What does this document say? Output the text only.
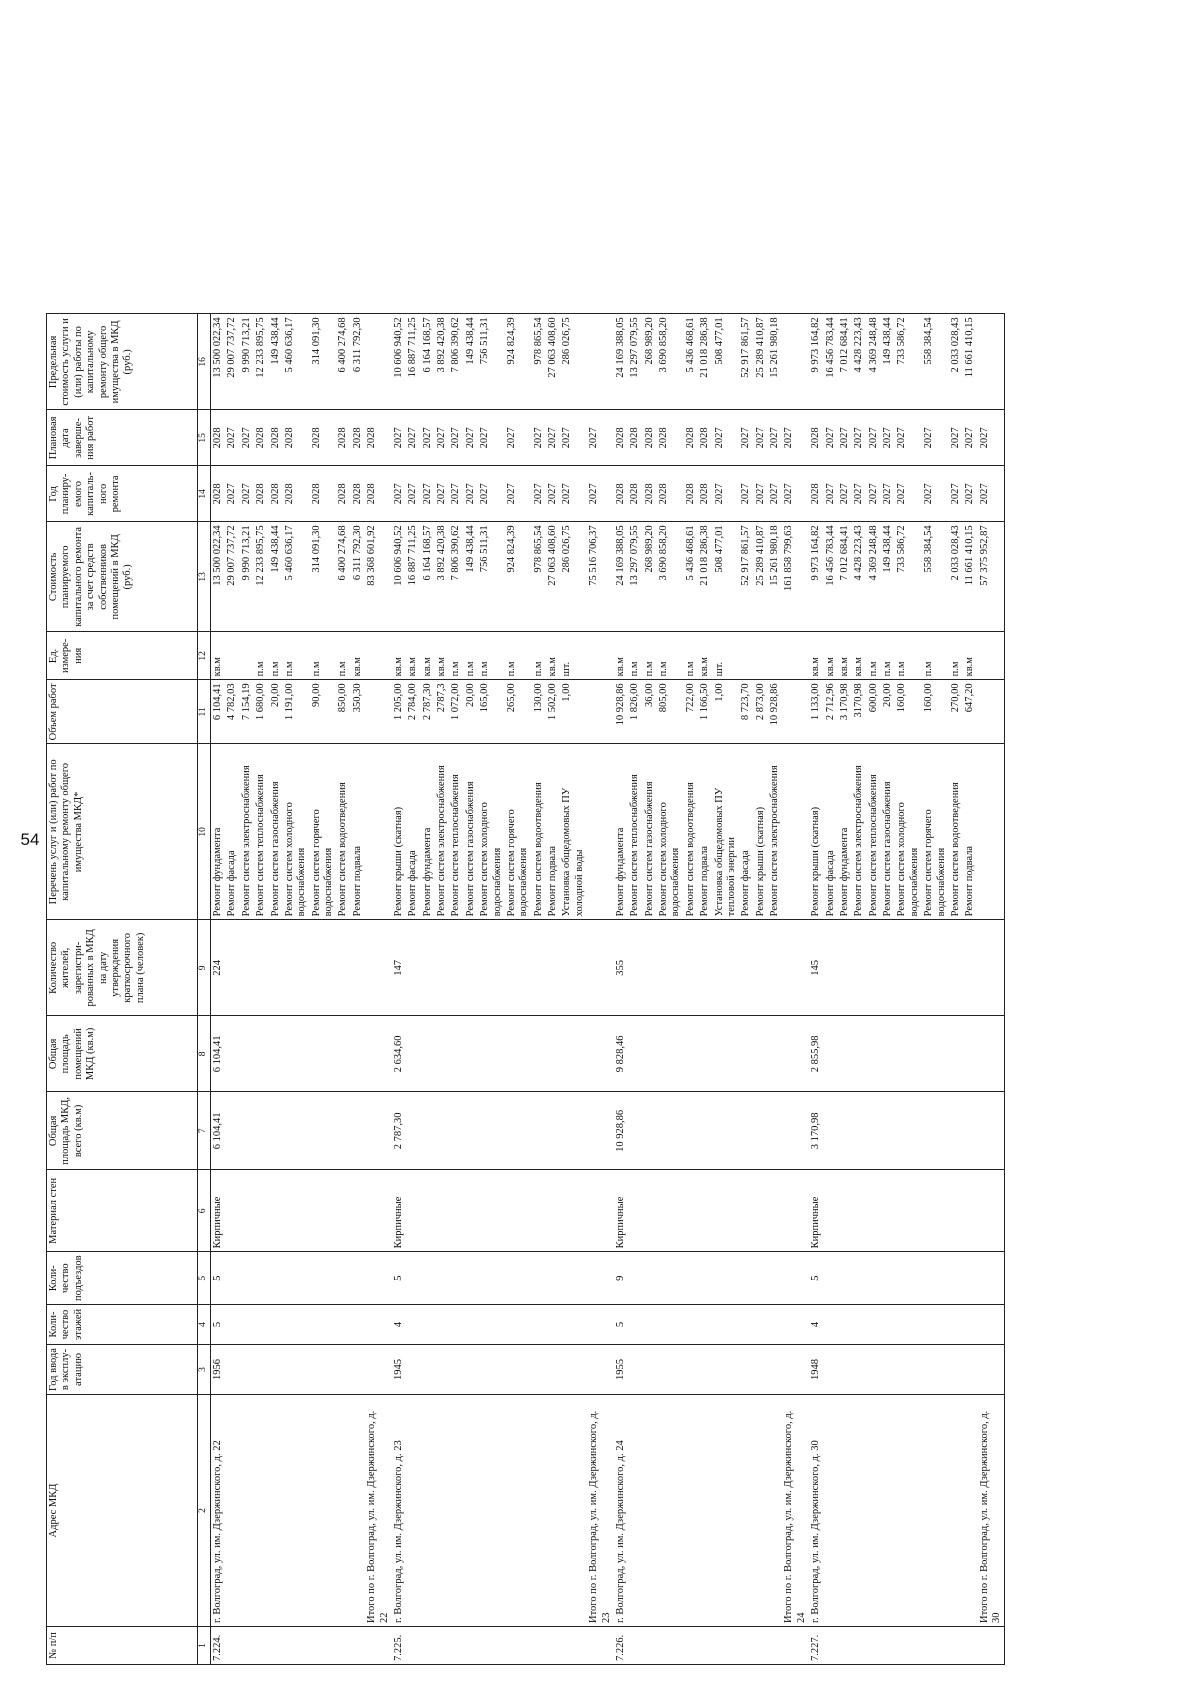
54
№ п/п	Адрес МКД	Год ввода в эксплу-атацию	Коли-чество этажей	Коли-чество подъездов	Материал стен	Общая площадь МКД, всего (кв.м)	Общая площадь помещений МКД (кв.м)	Количество жителей, зарегистри-рованных в МКД на дату утверждения краткосрочного плана (человек)	Перечень услуг и (или) работ по капитальному ремонту общего имущества МКД*	Объем работ	Ед. измере-ния	Стоимость планируемого капитального ремонта за счет средств собственников помещений в МКД (руб.)	Год планиру-емого капиталь-ного ремонта	Плановая дата заверше-ния работ	Предельная стоимость услуги и (или) работы по капитальному ремонту общего имущества в МКД (руб.)
1	2	3	4	5	6	7	8	9	10	11	12	13	14	15	16
7.224.	г. Волгоград, ул. им. Дзержинского, д. 22	1956	5	5	Кирпичные	6 104,41	6 104,41	224	Ремонт фундамента	6 104,41	кв.м	13 500 022,34	2028	2028	13 500 022,34
									Ремонт фасада	4 782,03		29 007 737,72	2027	2027	29 007 737,72
									Ремонт систем электроснабжения	7 154,19		9 990 713,21	2027	2027	9 990 713,21
									Ремонт систем теплоснабжения	1 680,00	п.м	12 233 895,75	2028	2028	12 233 895,75
									Ремонт систем газоснабжения	20,00	п.м	149 438,44	2028	2028	149 438,44
									Ремонт систем холодного водоснабжения	1 191,00	п.м	5 460 636,17	2028	2028	5 460 636,17
									Ремонт систем горячего водоснабжения	90,00	п.м	314 091,30	2028	2028	314 091,30
									Ремонт систем водоотведения	850,00	п.м	6 400 274,68	2028	2028	6 400 274,68
									Ремонт подвала	350,30	кв.м	6 311 792,30	2028	2028	6 311 792,30
	Итого по г. Волгоград, ул. им. Дзержинского, д. 22											83 368 601,92	2028	2028	
7.225.	г. Волгоград, ул. им. Дзержинского, д. 23	1945	4	5	Кирпичные	2 787,30	2 634,60	147	Ремонт крыши (скатная)	1 205,00	кв.м	10 606 940,52	2027	2027	10 606 940,52
									Ремонт фасада	2 784,00	кв.м	16 887 711,25	2027	2027	16 887 711,25
									Ремонт фундамента	2 787,30	кв.м	6 164 168,57	2027	2027	6 164 168,57
									Ремонт систем электроснабжения	2787,3	кв.м	3 892 420,38	2027	2027	3 892 420,38
									Ремонт систем теплоснабжения	1 072,00	п.м	7 806 390,62	2027	2027	7 806 390,62
									Ремонт систем газоснабжения	20,00	п.м	149 438,44	2027	2027	149 438,44
									Ремонт систем холодного водоснабжения	165,00	п.м	756 511,31	2027	2027	756 511,31
									Ремонт систем горячего водоснабжения	265,00	п.м	924 824,39	2027	2027	924 824,39
									Ремонт систем водоотведения	130,00	п.м	978 865,54	2027	2027	978 865,54
									Ремонт подвала	1 502,00	кв.м	27 063 408,60	2027	2027	27 063 408,60
									Установка общедомовых ПУ холодной воды	1,00	шт.	286 026,75	2027	2027	286 026,75
	Итого по г. Волгоград, ул. им. Дзержинского, д. 23											75 516 706,37	2027	2027	
7.226.	г. Волгоград, ул. им. Дзержинского, д. 24	1955	5	9	Кирпичные	10 928,86	9 828,46	355	Ремонт фундамента	10 928,86	кв.м	24 169 388,05	2028	2028	24 169 388,05
									Ремонт систем теплоснабжения	1 826,00	п.м	13 297 079,55	2028	2028	13 297 079,55
									Ремонт систем газоснабжения	36,00	п.м	268 989,20	2028	2028	268 989,20
									Ремонт систем холодного водоснабжения	805,00	п.м	3 690 858,20	2028	2028	3 690 858,20
									Ремонт систем водоотведения	722,00	п.м	5 436 468,61	2028	2028	5 436 468,61
									Ремонт подвала	1 166,50	кв.м	21 018 286,38	2028	2028	21 018 286,38
									Установка общедомовых ПУ тепловой энергии	1,00	шт.	508 477,01	2027	2027	508 477,01
									Ремонт фасада	8 723,70		52 917 861,57	2027	2027	52 917 861,57
									Ремонт крыши (скатная)	2 873,00		25 289 410,87	2027	2027	25 289 410,87
									Ремонт систем электроснабжения	10 928,86		15 261 980,18	2027	2027	15 261 980,18
	Итого по г. Волгоград, ул. им. Дзержинского, д. 24											161 858 799,63	2027	2027	
7.227.	г. Волгоград, ул. им. Дзержинского, д. 30	1948	4	5	Кирпичные	3 170,98	2 855,98	145	Ремонт крыши (скатная)	1 133,00	кв.м	9 973 164,82	2028	2028	9 973 164,82
									Ремонт фасада	2 712,96	кв.м	16 456 783,44	2027	2027	16 456 783,44
									Ремонт фундамента	3 170,98	кв.м	7 012 684,41	2027	2027	7 012 684,41
									Ремонт систем электроснабжения	3170,98	кв.м	4 428 223,43	2027	2027	4 428 223,43
									Ремонт систем теплоснабжения	600,00	п.м	4 369 248,48	2027	2027	4 369 248,48
									Ремонт систем газоснабжения	20,00	п.м	149 438,44	2027	2027	149 438,44
									Ремонт систем холодного водоснабжения	160,00	п.м	733 586,72	2027	2027	733 586,72
									Ремонт систем горячего водоснабжения	160,00	п.м	558 384,54	2027	2027	558 384,54
									Ремонт систем водоотведения	270,00	п.м	2 033 028,43	2027	2027	2 033 028,43
									Ремонт подвала	647,20	кв.м	11 661 410,15	2027	2027	11 661 410,15
	Итого по г. Волгоград, ул. им. Дзержинского, д. 30											57 375 952,87	2027	2027	
